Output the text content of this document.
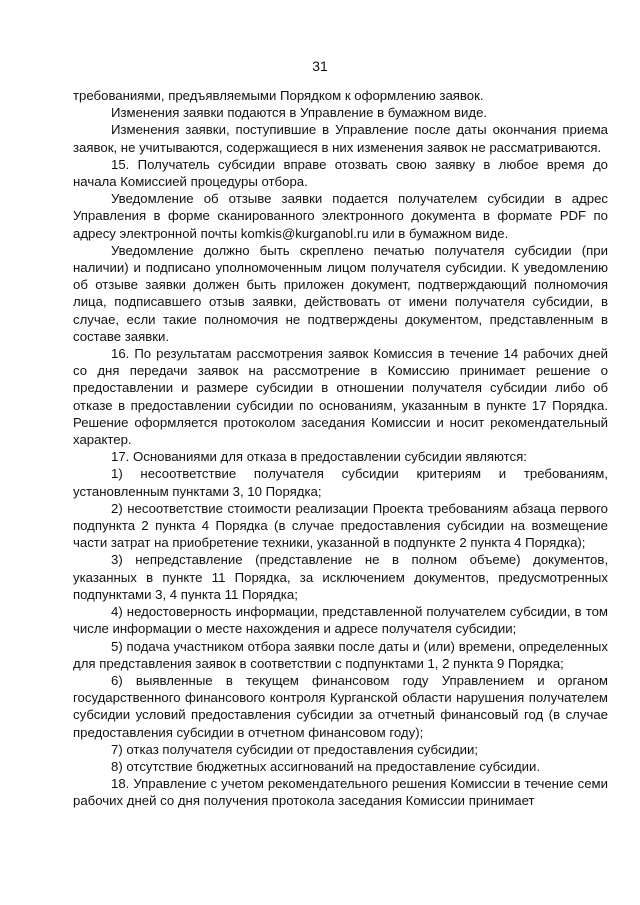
31

требованиями, предъявляемыми Порядком к оформлению заявок.

Изменения заявки подаются в Управление в бумажном виде.

Изменения заявки, поступившие в Управление после даты окончания приема заявок, не учитываются, содержащиеся в них изменения заявок не рассматриваются.

15. Получатель субсидии вправе отозвать свою заявку в любое время до начала Комиссией процедуры отбора.

Уведомление об отзыве заявки подается получателем субсидии в адрес Управления в форме сканированного электронного документа в формате PDF по адресу электронной почты komkis@kurganobl.ru или в бумажном виде.

Уведомление должно быть скреплено печатью получателя субсидии (при наличии) и подписано уполномоченным лицом получателя субсидии. К уведомлению об отзыве заявки должен быть приложен документ, подтверждающий полномочия лица, подписавшего отзыв заявки, действовать от имени получателя субсидии, в случае, если такие полномочия не подтверждены документом, представленным в составе заявки.

16. По результатам рассмотрения заявок Комиссия в течение 14 рабочих дней со дня передачи заявок на рассмотрение в Комиссию принимает решение о предоставлении и размере субсидии в отношении получателя субсидии либо об отказе в предоставлении субсидии по основаниям, указанным в пункте 17 Порядка. Решение оформляется протоколом заседания Комиссии и носит рекомендательный характер.

17. Основаниями для отказа в предоставлении субсидии являются:

1) несоответствие получателя субсидии критериям и требованиям, установленным пунктами 3, 10 Порядка;

2) несоответствие стоимости реализации Проекта требованиям абзаца первого подпункта 2 пункта 4 Порядка (в случае предоставления субсидии на возмещение части затрат на приобретение техники, указанной в подпункте 2 пункта 4 Порядка);

3) непредставление (представление не в полном объеме) документов, указанных в пункте 11 Порядка, за исключением документов, предусмотренных подпунктами 3, 4 пункта 11 Порядка;

4) недостоверность информации, представленной получателем субсидии, в том числе информации о месте нахождения и адресе получателя субсидии;

5) подача участником отбора заявки после даты и (или) времени, определенных для представления заявок в соответствии с подпунктами 1, 2 пункта 9 Порядка;

6) выявленные в текущем финансовом году Управлением и органом государственного финансового контроля Курганской области нарушения получателем субсидии условий предоставления субсидии за отчетный финансовый год (в случае предоставления субсидии в отчетном финансовом году);

7) отказ получателя субсидии от предоставления субсидии;

8) отсутствие бюджетных ассигнований на предоставление субсидии.

18. Управление с учетом рекомендательного решения Комиссии в течение семи рабочих дней со дня получения протокола заседания Комиссии принимает
